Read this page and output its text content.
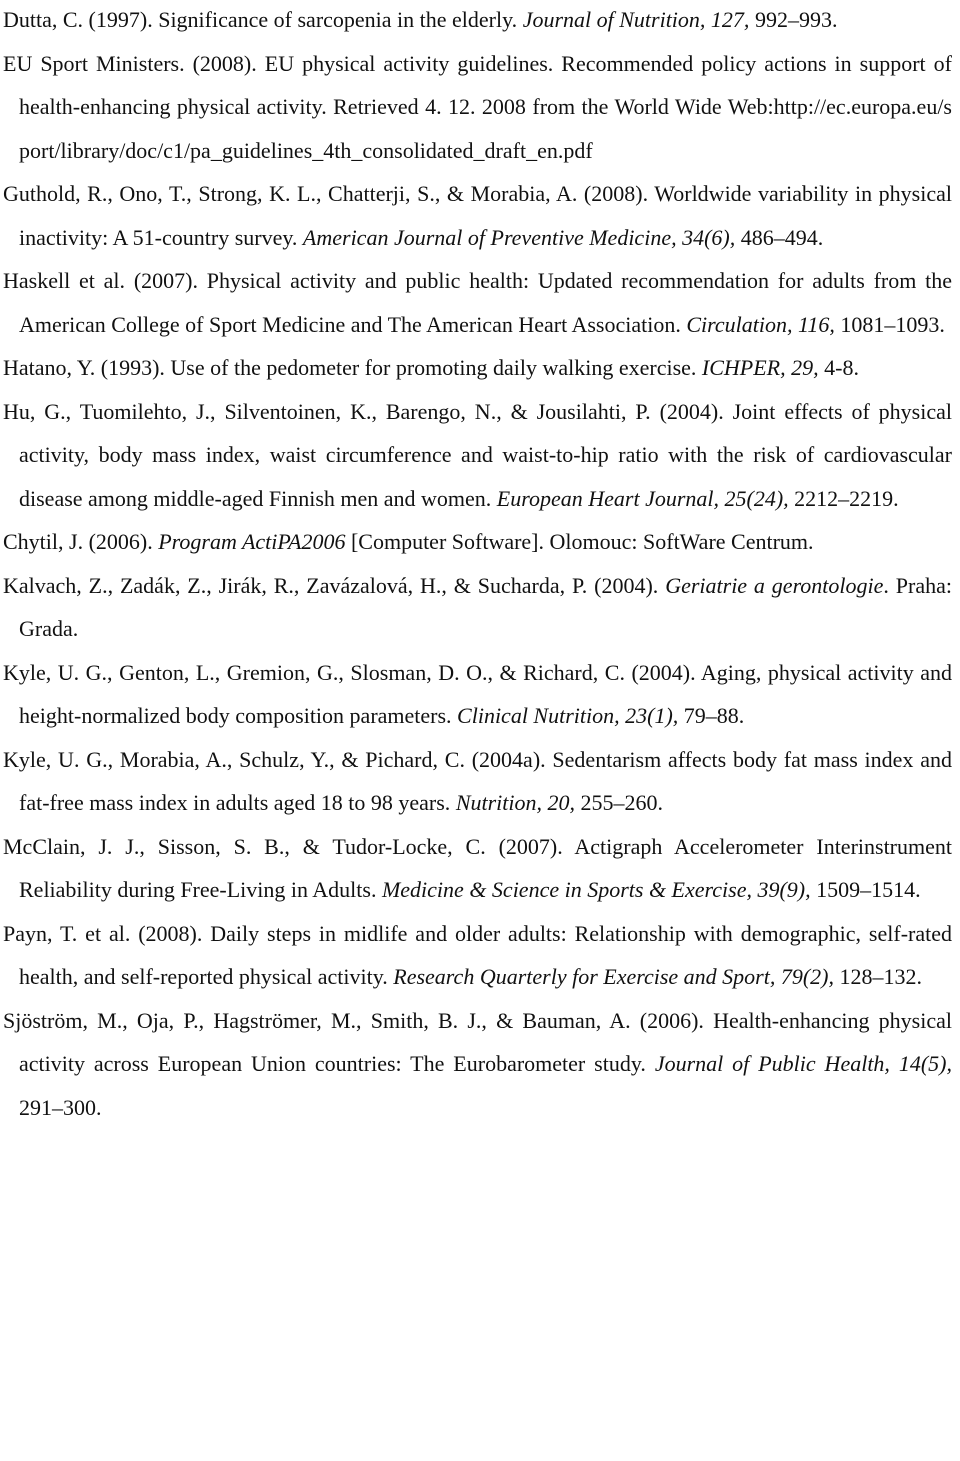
Dutta, C. (1997). Significance of sarcopenia in the elderly. Journal of Nutrition, 127, 992–993.

EU Sport Ministers. (2008). EU physical activity guidelines. Recommended policy actions in support of health-enhancing physical activity. Retrieved 4. 12. 2008 from the World Wide Web:http://ec.europa.eu/sport/library/doc/c1/pa_guidelines_4th_consolidated_draft_en.pdf

Guthold, R., Ono, T., Strong, K. L., Chatterji, S., & Morabia, A. (2008). Worldwide variability in physical inactivity: A 51-country survey. American Journal of Preventive Medicine, 34(6), 486–494.

Haskell et al. (2007). Physical activity and public health: Updated recommendation for adults from the American College of Sport Medicine and The American Heart Association. Circulation, 116, 1081–1093.

Hatano, Y. (1993). Use of the pedometer for promoting daily walking exercise. ICHPER, 29, 4-8.

Hu, G., Tuomilehto, J., Silventoinen, K., Barengo, N., & Jousilahti, P. (2004). Joint effects of physical activity, body mass index, waist circumference and waist-to-hip ratio with the risk of cardiovascular disease among middle-aged Finnish men and women. European Heart Journal, 25(24), 2212–2219.

Chytil, J. (2006). Program ActiPA2006 [Computer Software]. Olomouc: SoftWare Centrum.

Kalvach, Z., Zadák, Z., Jirák, R., Zavázalová, H., & Sucharda, P. (2004). Geriatrie a gerontologie. Praha: Grada.

Kyle, U. G., Genton, L., Gremion, G., Slosman, D. O., & Richard, C. (2004). Aging, physical activity and height-normalized body composition parameters. Clinical Nutrition, 23(1), 79–88.

Kyle, U. G., Morabia, A., Schulz, Y., & Pichard, C. (2004a). Sedentarism affects body fat mass index and fat-free mass index in adults aged 18 to 98 years. Nutrition, 20, 255–260.

McClain, J. J., Sisson, S. B., & Tudor-Locke, C. (2007). Actigraph Accelerometer Interinstrument Reliability during Free-Living in Adults. Medicine & Science in Sports & Exercise, 39(9), 1509–1514.

Payn, T. et al. (2008). Daily steps in midlife and older adults: Relationship with demographic, self-rated health, and self-reported physical activity. Research Quarterly for Exercise and Sport, 79(2), 128–132.

Sjöström, M., Oja, P., Hagströmer, M., Smith, B. J., & Bauman, A. (2006). Health-enhancing physical activity across European Union countries: The Eurobarometer study. Journal of Public Health, 14(5), 291–300.
